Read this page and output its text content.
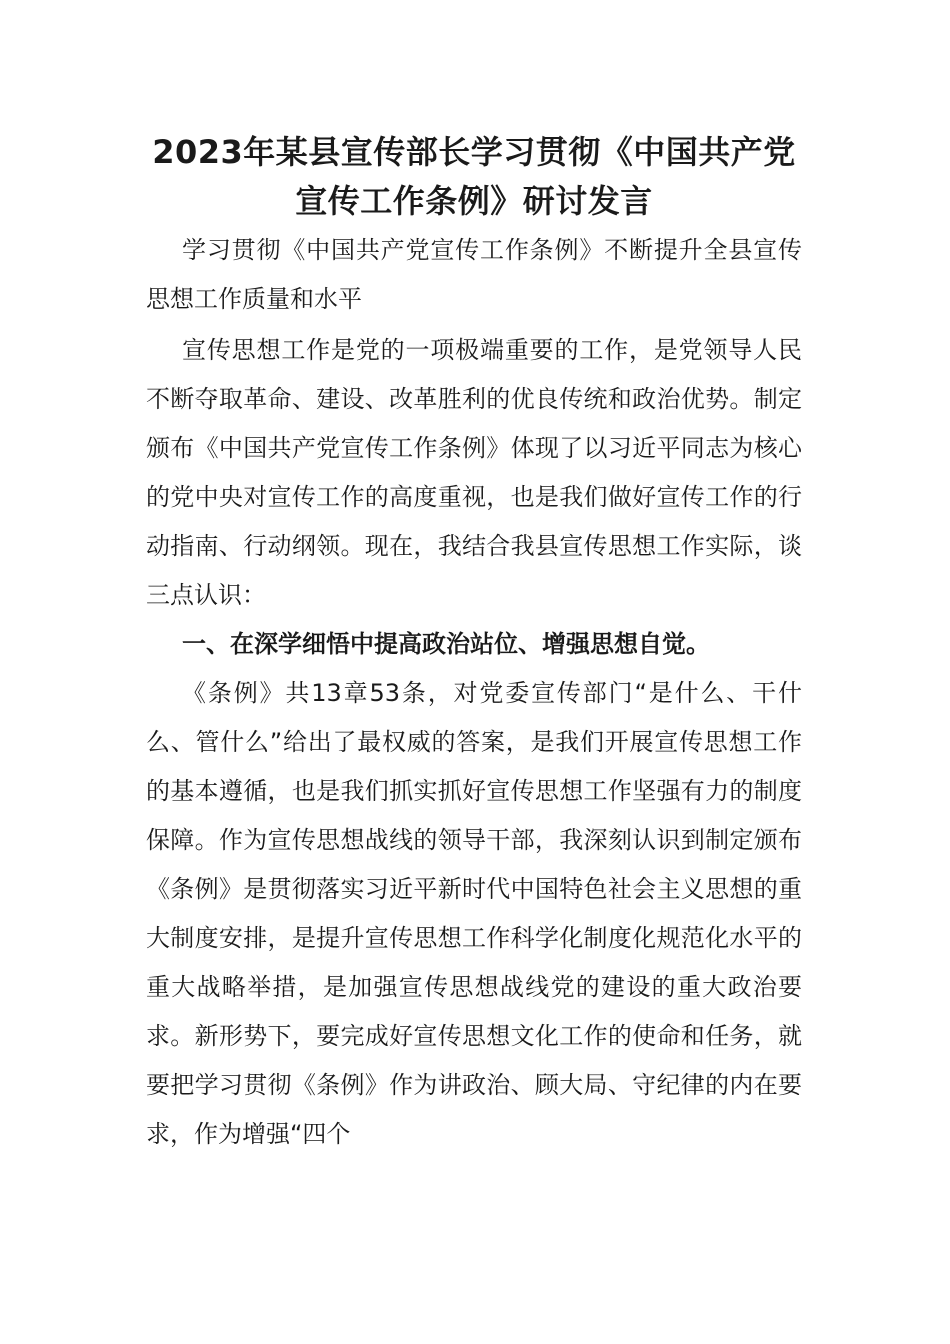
2023年某县宣传部长学习贯彻《中国共产党宣传工作条例》研讨发言

学习贯彻《中国共产党宣传工作条例》不断提升全县宣传思想工作质量和水平

宣传思想工作是党的一项极端重要的工作，是党领导人民不断夺取革命、建设、改革胜利的优良传统和政治优势。制定颁布《中国共产党宣传工作条例》体现了以习近平同志为核心的党中央对宣传工作的高度重视，也是我们做好宣传工作的行动指南、行动纲领。现在，我结合我县宣传思想工作实际，谈三点认识：

一、在深学细悟中提高政治站位、增强思想自觉。

《条例》共13章53条，对党委宣传部门“是什么、干什么、管什么”给出了最权威的答案，是我们开展宣传思想工作的基本遵循，也是我们抓实抓好宣传思想工作坚强有力的制度保障。作为宣传思想战线的领导干部，我深刻认识到制定颁布《条例》是贯彻落实习近平新时代中国特色社会主义思想的重大制度安排，是提升宣传思想工作科学化制度化规范化水平的重大战略举措，是加强宣传思想战线党的建设的重大政治要求。新形势下，要完成好宣传思想文化工作的使命和任务，就要把学习贯彻《条例》作为讲政治、顾大局、守纪律的内在要求，作为增强“四个
